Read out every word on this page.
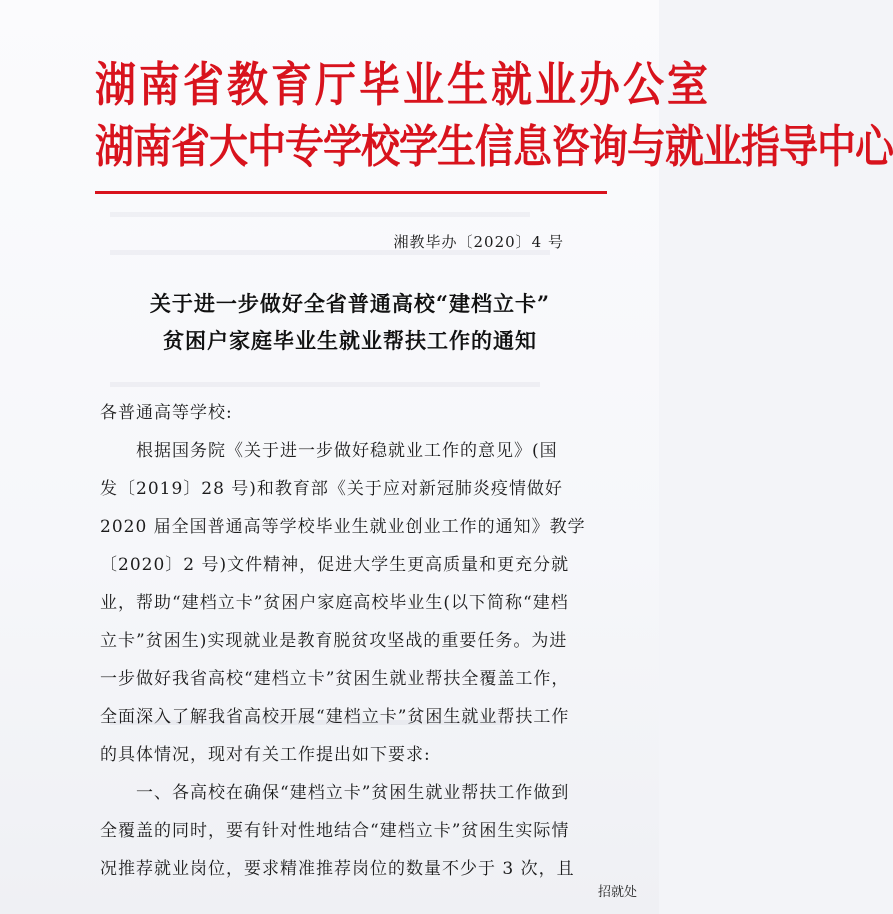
湖南省教育厅毕业生就业办公室
湖南省大中专学校学生信息咨询与就业指导中心
湘教毕办〔2020〕4 号
关于进一步做好全省普通高校“建档立卡”
贫困户家庭毕业生就业帮扶工作的通知
各普通高等学校:
　　根据国务院《关于进一步做好稳就业工作的意见》(国
发〔2019〕28 号)和教育部《关于应对新冠肺炎疫情做好
2020 届全国普通高等学校毕业生就业创业工作的通知》教学
〔2020〕2 号)文件精神，促进大学生更高质量和更充分就
业，帮助“建档立卡”贫困户家庭高校毕业生(以下简称“建档
立卡”贫困生)实现就业是教育脱贫攻坚战的重要任务。为进
一步做好我省高校“建档立卡”贫困生就业帮扶全覆盖工作，
全面深入了解我省高校开展“建档立卡”贫困生就业帮扶工作
的具体情况，现对有关工作提出如下要求:
　　一、各高校在确保“建档立卡”贫困生就业帮扶工作做到
全覆盖的同时，要有针对性地结合“建档立卡”贫困生实际情
况推荐就业岗位，要求精准推荐岗位的数量不少于 3 次，且
招就处
